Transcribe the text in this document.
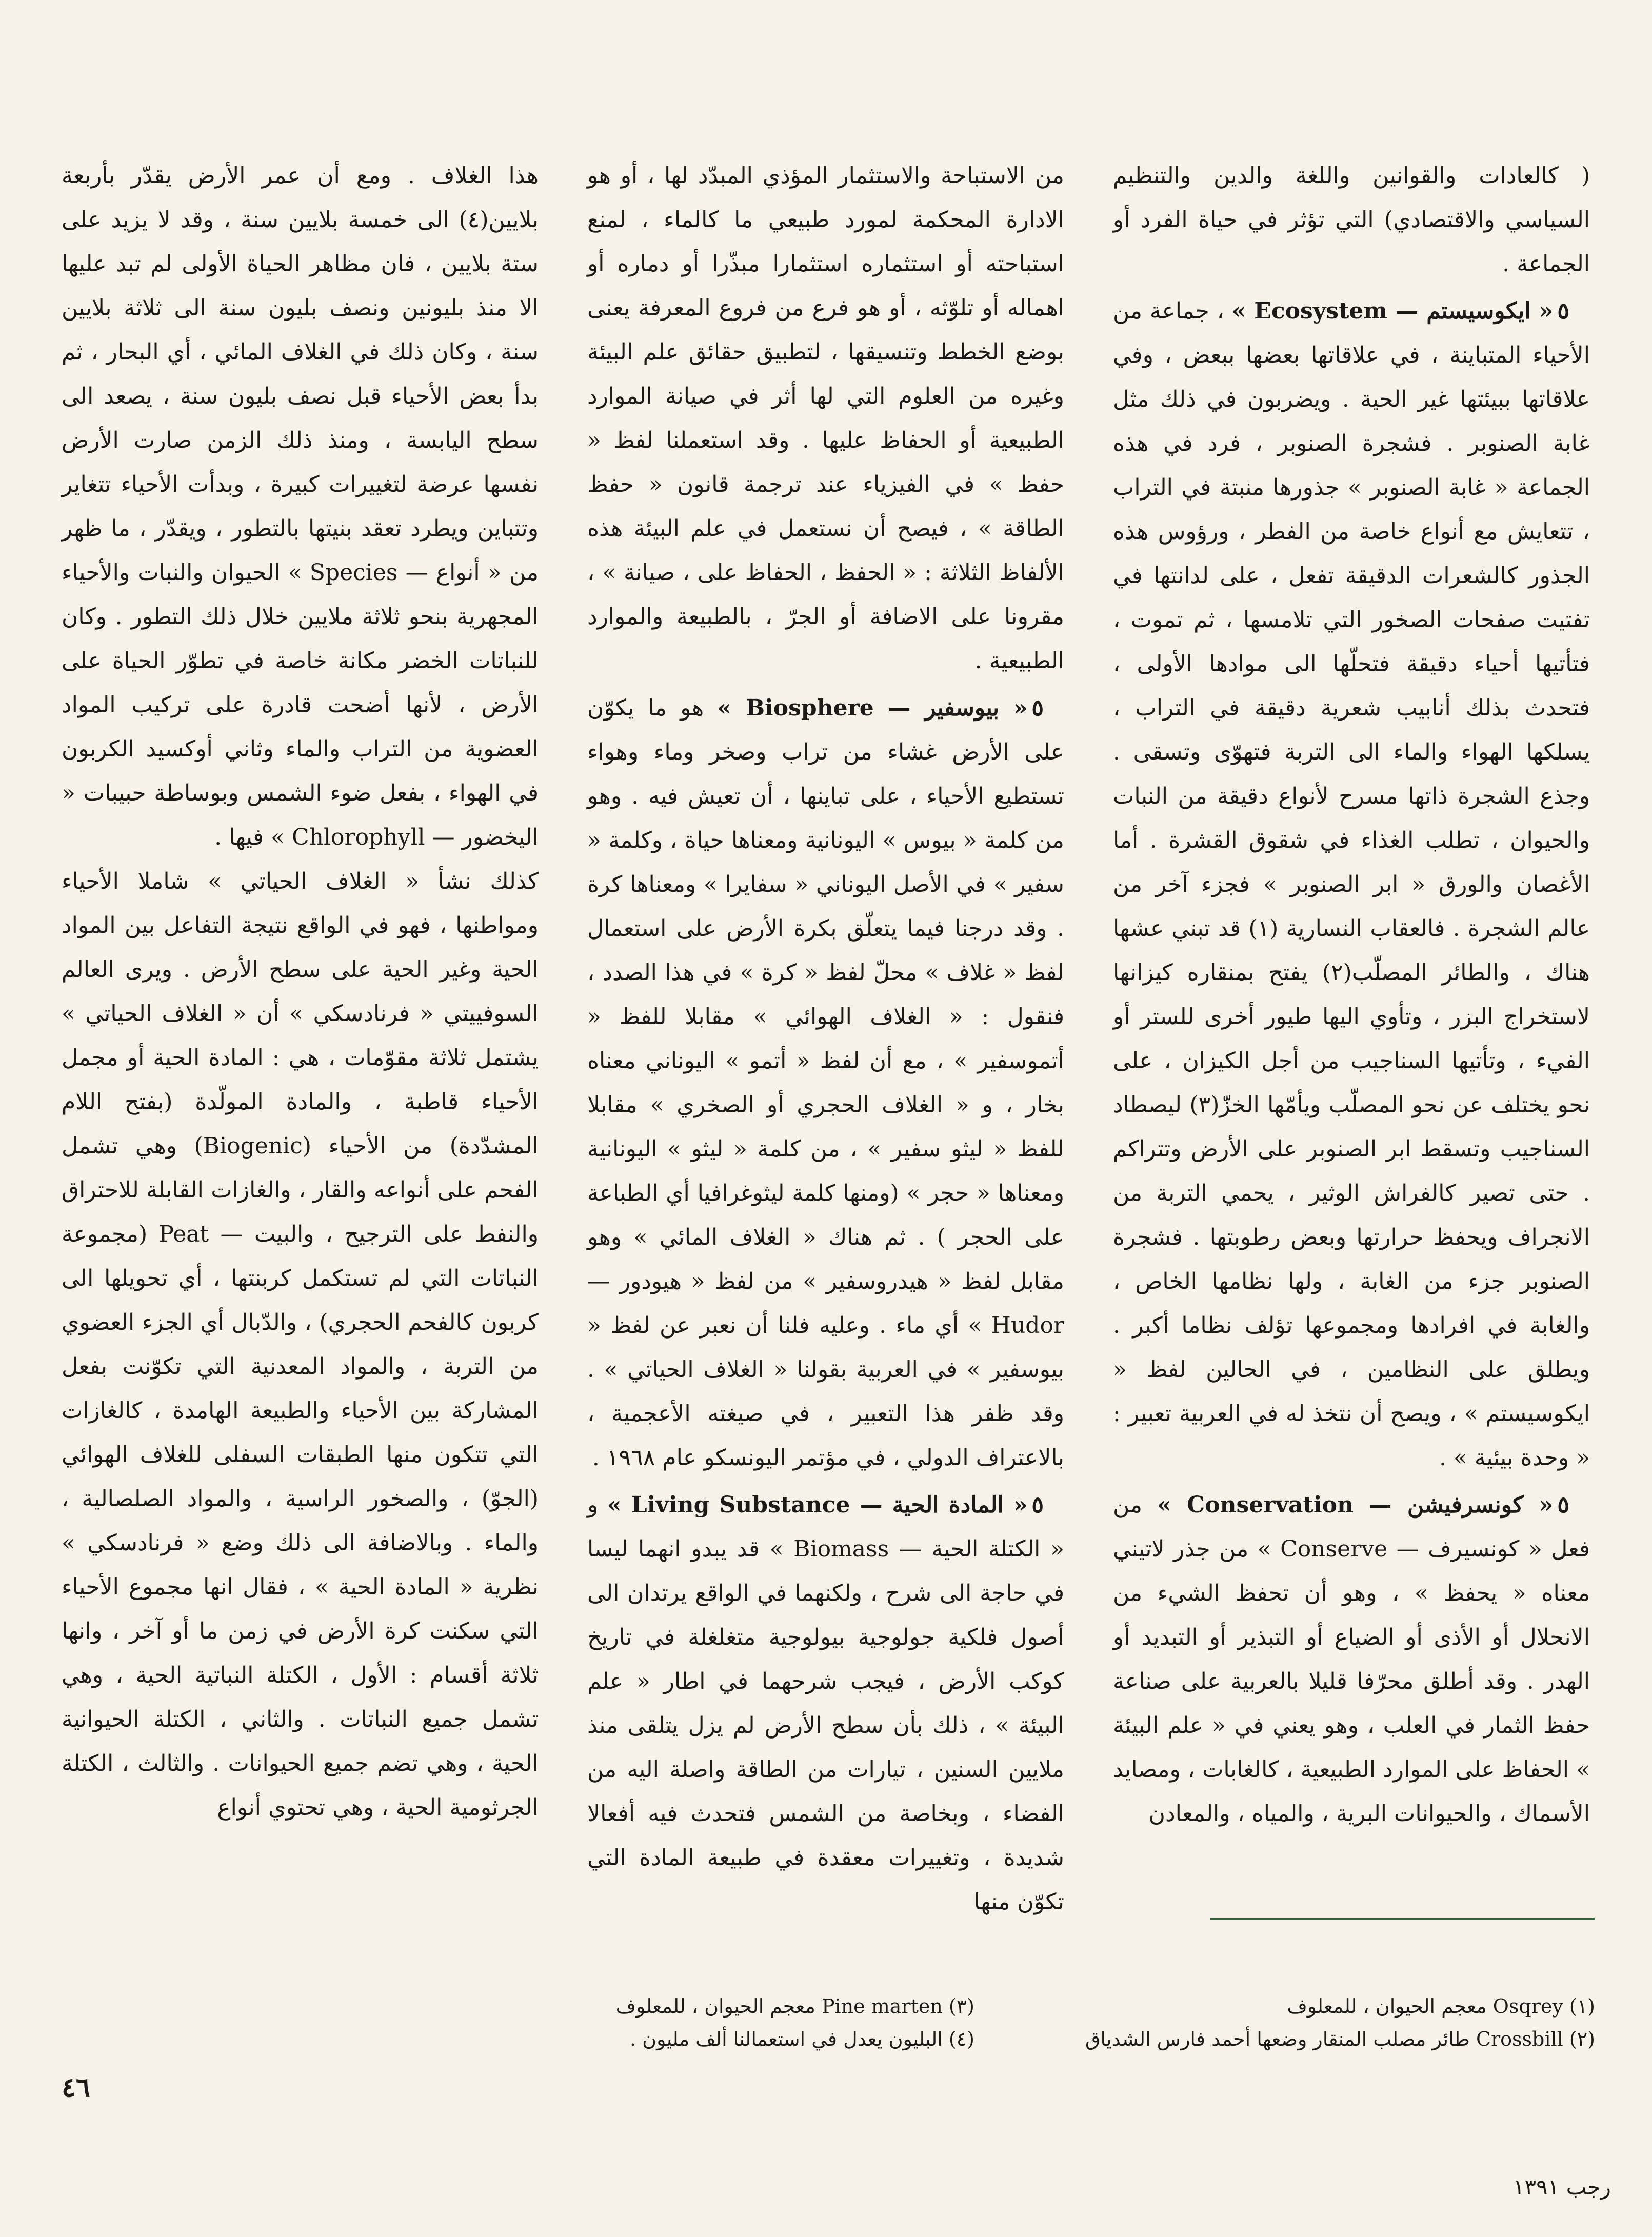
( كالعادات والقوانين واللغة والدين والتنظيم السياسي والاقتصادي) التي تؤثر في حياة الفرد أو الجماعة .

٥« ايكوسيستم — Ecosystem » ، جماعة من الأحياء المتباينة ، في علاقاتها بعضها ببعض ، وفي علاقاتها ببيئتها غير الحية . ويضربون في ذلك مثل غابة الصنوبر . فشجرة الصنوبر ، فرد في هذه الجماعة « غابة الصنوبر » جذورها منبتة في التراب ، تتعايش مع أنواع خاصة من الفطر ، ورؤوس هذه الجذور كالشعرات الدقيقة تفعل ، على لدانتها في تفتيت صفحات الصخور التي تلامسها ، ثم تموت ، فتأتيها أحياء دقيقة فتحلّها الى موادها الأولى ، فتحدث بذلك أنابيب شعرية دقيقة في التراب ، يسلكها الهواء والماء الى التربة فتهوّى وتسقى . وجذع الشجرة ذاتها مسرح لأنواع دقيقة من النبات والحيوان ، تطلب الغذاء في شقوق القشرة . أما الأغصان والورق « ابر الصنوبر » فجزء آخر من عالم الشجرة . فالعقاب النسارية (١) قد تبني عشها هناك ، والطائر المصلّب(٢) يفتح بمنقاره كيزانها لاستخراج البزر ، وتأوي اليها طيور أخرى للستر أو الفيء ، وتأتيها السناجيب من أجل الكيزان ، على نحو يختلف عن نحو المصلّب ويأمّها الخزّ(٣) ليصطاد السناجيب وتسقط ابر الصنوبر على الأرض وتتراكم . حتى تصير كالفراش الوثير ، يحمي التربة من الانجراف ويحفظ حرارتها وبعض رطوبتها . فشجرة الصنوبر جزء من الغابة ، ولها نظامها الخاص ، والغابة في افرادها ومجموعها تؤلف نظاما أكبر . ويطلق على النظامين ، في الحالين لفظ « ايكوسيستم » ، ويصح أن نتخذ له في العربية تعبير : « وحدة بيئية » .

٥« كونسرفيشن — Conservation » من فعل « كونسيرف — Conserve » من جذر لاتيني معناه « يحفظ » ، وهو أن تحفظ الشيء من الانحلال أو الأذى أو الضياع أو التبذير أو التبديد أو الهدر . وقد أطلق محرّفا قليلا بالعربية على صناعة حفظ الثمار في العلب ، وهو يعني في « علم البيئة » الحفاظ على الموارد الطبيعية ، كالغابات ، ومصايد الأسماك ، والحيوانات البرية ، والمياه ، والمعادن

من الاستباحة والاستثمار المؤذي المبدّد لها ، أو هو الادارة المحكمة لمورد طبيعي ما كالماء ، لمنع استباحته أو استثماره استثمارا مبذّرا أو دماره أو اهماله أو تلوّثه ، أو هو فرع من فروع المعرفة يعنى بوضع الخطط وتنسيقها ، لتطبيق حقائق علم البيئة وغيره من العلوم التي لها أثر في صيانة الموارد الطبيعية أو الحفاظ عليها . وقد استعملنا لفظ « حفظ » في الفيزياء عند ترجمة قانون « حفظ الطاقة » ، فيصح أن نستعمل في علم البيئة هذه الألفاظ الثلاثة : « الحفظ ، الحفاظ على ، صيانة » ، مقرونا على الاضافة أو الجرّ ، بالطبيعة والموارد الطبيعية .

٥« بيوسفير — Biosphere » هو ما يكوّن على الأرض غشاء من تراب وصخر وماء وهواء تستطيع الأحياء ، على تباينها ، أن تعيش فيه . وهو من كلمة « بيوس » اليونانية ومعناها حياة ، وكلمة « سفير » في الأصل اليوناني « سفايرا » ومعناها كرة . وقد درجنا فيما يتعلّق بكرة الأرض على استعمال لفظ « غلاف » محلّ لفظ « كرة » في هذا الصدد ، فنقول : « الغلاف الهوائي » مقابلا للفظ « أتموسفير » ، مع أن لفظ « أتمو » اليوناني معناه بخار ، و « الغلاف الحجري أو الصخري » مقابلا للفظ « ليثو سفير » ، من كلمة « ليثو » اليونانية ومعناها « حجر » (ومنها كلمة ليثوغرافيا أي الطباعة على الحجر ) . ثم هناك « الغلاف المائي » وهو مقابل لفظ « هيدروسفير » من لفظ « هيودور — Hudor » أي ماء . وعليه فلنا أن نعبر عن لفظ « بيوسفير » في العربية بقولنا « الغلاف الحياتي » . وقد ظفر هذا التعبير ، في صيغته الأعجمية ، بالاعتراف الدولي ، في مؤتمر اليونسكو عام ١٩٦٨ .

٥« المادة الحية — Living Substance » و « الكتلة الحية — Biomass » قد يبدو انهما ليسا في حاجة الى شرح ، ولكنهما في الواقع يرتدان الى أصول فلكية جولوجية بيولوجية متغلغلة في تاريخ كوكب الأرض ، فيجب شرحهما في اطار « علم البيئة » ، ذلك بأن سطح الأرض لم يزل يتلقى منذ ملايين السنين ، تيارات من الطاقة واصلة اليه من الفضاء ، وبخاصة من الشمس فتحدث فيه أفعالا شديدة ، وتغييرات معقدة في طبيعة المادة التي تكوّن منها

هذا الغلاف . ومع أن عمر الأرض يقدّر بأربعة بلايين(٤) الى خمسة بلايين سنة ، وقد لا يزيد على ستة بلايين ، فان مظاهر الحياة الأولى لم تبد عليها الا منذ بليونين ونصف بليون سنة الى ثلاثة بلايين سنة ، وكان ذلك في الغلاف المائي ، أي البحار ، ثم بدأ بعض الأحياء قبل نصف بليون سنة ، يصعد الى سطح اليابسة ، ومنذ ذلك الزمن صارت الأرض نفسها عرضة لتغييرات كبيرة ، وبدأت الأحياء تتغاير وتتباين ويطرد تعقد بنيتها بالتطور ، ويقدّر ، ما ظهر من « أنواع — Species » الحيوان والنبات والأحياء المجهرية بنحو ثلاثة ملايين خلال ذلك التطور . وكان للنباتات الخضر مكانة خاصة في تطوّر الحياة على الأرض ، لأنها أضحت قادرة على تركيب المواد العضوية من التراب والماء وثاني أوكسيد الكربون في الهواء ، بفعل ضوء الشمس وبوساطة حبيبات « اليخضور — Chlorophyll » فيها .

كذلك نشأ « الغلاف الحياتي » شاملا الأحياء ومواطنها ، فهو في الواقع نتيجة التفاعل بين المواد الحية وغير الحية على سطح الأرض . ويرى العالم السوفييتي « فرنادسكي » أن « الغلاف الحياتي » يشتمل ثلاثة مقوّمات ، هي : المادة الحية أو مجمل الأحياء قاطبة ، والمادة المولّدة (بفتح اللام المشدّدة) من الأحياء (Biogenic) وهي تشمل الفحم على أنواعه والقار ، والغازات القابلة للاحتراق والنفط على الترجيح ، والبيت — Peat (مجموعة النباتات التي لم تستكمل كربنتها ، أي تحويلها الى كربون كالفحم الحجري) ، والدّبال أي الجزء العضوي من التربة ، والمواد المعدنية التي تكوّنت بفعل المشاركة بين الأحياء والطبيعة الهامدة ، كالغازات التي تتكون منها الطبقات السفلى للغلاف الهوائي (الجوّ) ، والصخور الراسية ، والمواد الصلصالية ، والماء . وبالاضافة الى ذلك وضع « فرنادسكي » نظرية « المادة الحية » ، فقال انها مجموع الأحياء التي سكنت كرة الأرض في زمن ما أو آخر ، وانها ثلاثة أقسام : الأول ، الكتلة النباتية الحية ، وهي تشمل جميع النباتات . والثاني ، الكتلة الحيوانية الحية ، وهي تضم جميع الحيوانات . والثالث ، الكتلة الجرثومية الحية ، وهي تحتوي أنواع

(١) Osqrey معجم الحيوان ، للمعلوف
(٢) Crossbill طائر مصلب المنقار وضعها أحمد فارس الشدياق
(٣) Pine marten معجم الحيوان ، للمعلوف
(٤) البليون يعدل في استعمالنا ألف مليون .
٤٦
رجب ١٣٩١
